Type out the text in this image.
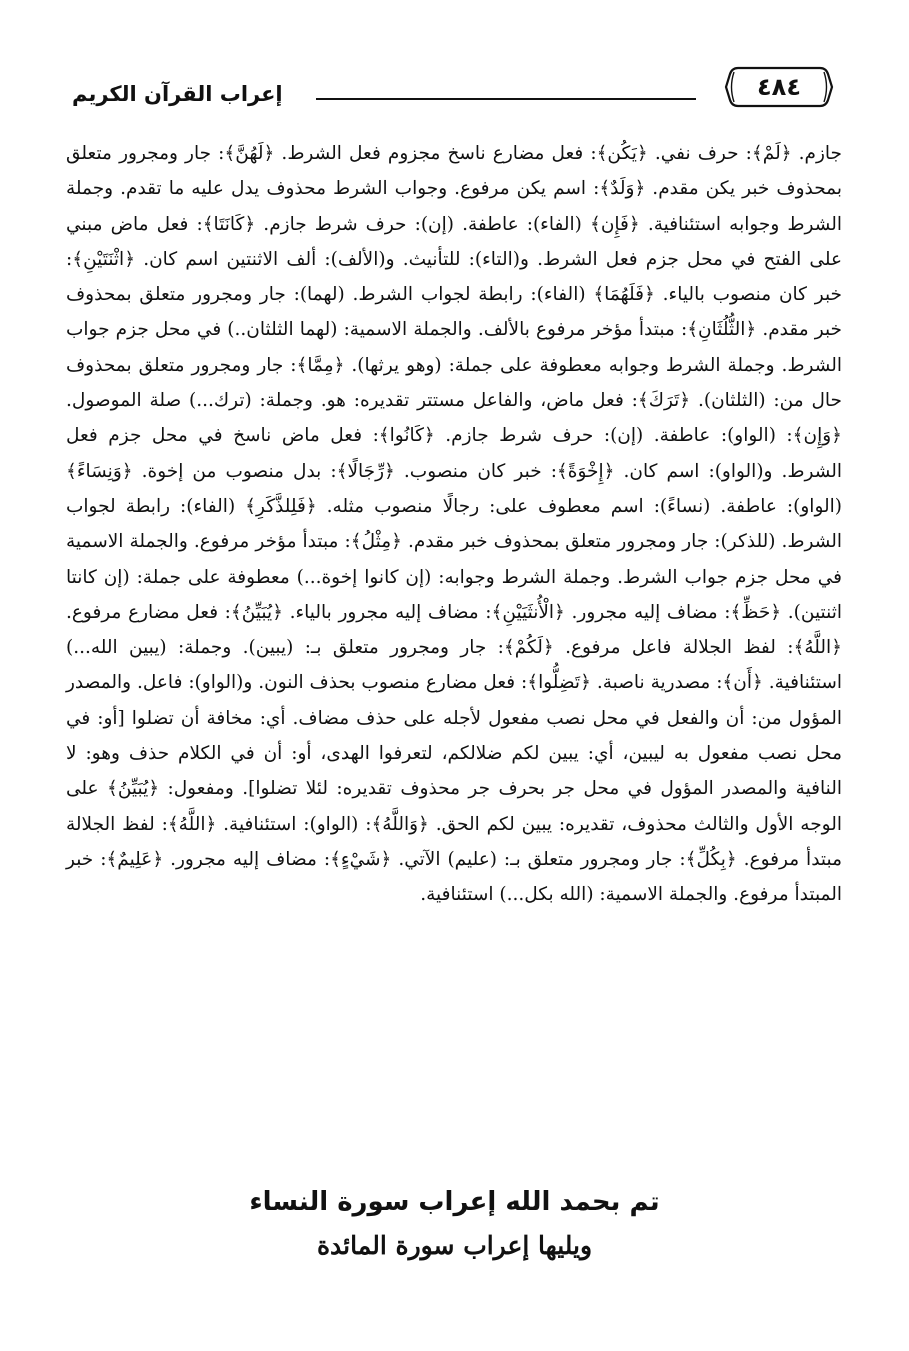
إعراب القرآن الكريم	٤٨٤

جازم. ﴿لَمْ﴾: حرف نفي. ﴿يَكُن﴾: فعل مضارع ناسخ مجزوم فعل الشرط. ﴿لَهُنَّ﴾: جار ومجرور متعلق بمحذوف خبر يكن مقدم. ﴿وَلَدٌ﴾: اسم يكن مرفوع. وجواب الشرط محذوف يدل عليه ما تقدم. وجملة الشرط وجوابه استئنافية. ﴿فَإِن﴾ (الفاء): عاطفة. (إن): حرف شرط جازم. ﴿كَانَتَا﴾: فعل ماض مبني على الفتح في محل جزم فعل الشرط. و(التاء): للتأنيث. و(الألف): ألف الاثنتين اسم كان. ﴿اثْنَتَيْنِ﴾: خبر كان منصوب بالياء. ﴿فَلَهُمَا﴾ (الفاء): رابطة لجواب الشرط. (لهما): جار ومجرور متعلق بمحذوف خبر مقدم. ﴿الثُّلُثَانِ﴾: مبتدأ مؤخر مرفوع بالألف. والجملة الاسمية: (لهما الثلثان..) في محل جزم جواب الشرط. وجملة الشرط وجوابه معطوفة على جملة: (وهو يرثها). ﴿مِمَّا﴾: جار ومجرور متعلق بمحذوف حال من: (الثلثان). ﴿تَرَكَ﴾: فعل ماض، والفاعل مستتر تقديره: هو. وجملة: (ترك...) صلة الموصول. ﴿وَإِن﴾: (الواو): عاطفة. (إن): حرف شرط جازم. ﴿كَانُوا﴾: فعل ماض ناسخ في محل جزم فعل الشرط. و(الواو): اسم كان. ﴿إِخْوَةً﴾: خبر كان منصوب. ﴿رِّجَالًا﴾: بدل منصوب من إخوة. ﴿وَنِسَاءً﴾ (الواو): عاطفة. (نساءً): اسم معطوف على: رجالًا منصوب مثله. ﴿فَلِلذَّكَرِ﴾ (الفاء): رابطة لجواب الشرط. (للذكر): جار ومجرور متعلق بمحذوف خبر مقدم. ﴿مِثْلُ﴾: مبتدأ مؤخر مرفوع. والجملة الاسمية في محل جزم جواب الشرط. وجملة الشرط وجوابه: (إن كانوا إخوة...) معطوفة على جملة: (إن كانتا اثنتين). ﴿حَظِّ﴾: مضاف إليه مجرور. ﴿الْأُنثَيَيْنِ﴾: مضاف إليه مجرور بالياء. ﴿يُبَيِّنُ﴾: فعل مضارع مرفوع. ﴿اللَّهُ﴾: لفظ الجلالة فاعل مرفوع. ﴿لَكُمْ﴾: جار ومجرور متعلق بـ: (يبين). وجملة: (يبين الله...) استئنافية. ﴿أَن﴾: مصدرية ناصبة. ﴿تَضِلُّوا﴾: فعل مضارع منصوب بحذف النون. و(الواو): فاعل. والمصدر المؤول من: أن والفعل في محل نصب مفعول لأجله على حذف مضاف. أي: مخافة أن تضلوا [أو: في محل نصب مفعول به ليبين، أي: يبين لكم ضلالكم، لتعرفوا الهدى، أو: أن في الكلام حذف وهو: لا النافية والمصدر المؤول في محل جر بحرف جر محذوف تقديره: لئلا تضلوا]. ومفعول: ﴿يُبَيِّنُ﴾ على الوجه الأول والثالث محذوف، تقديره: يبين لكم الحق. ﴿وَاللَّهُ﴾: (الواو): استئنافية. ﴿اللَّهُ﴾: لفظ الجلالة مبتدأ مرفوع. ﴿بِكُلِّ﴾: جار ومجرور متعلق بـ: (عليم) الآتي. ﴿شَيْءٍ﴾: مضاف إليه مجرور. ﴿عَلِيمٌ﴾: خبر المبتدأ مرفوع. والجملة الاسمية: (الله بكل...) استئنافية.

تم بحمد الله إعراب سورة النساء
ويليها إعراب سورة المائدة
